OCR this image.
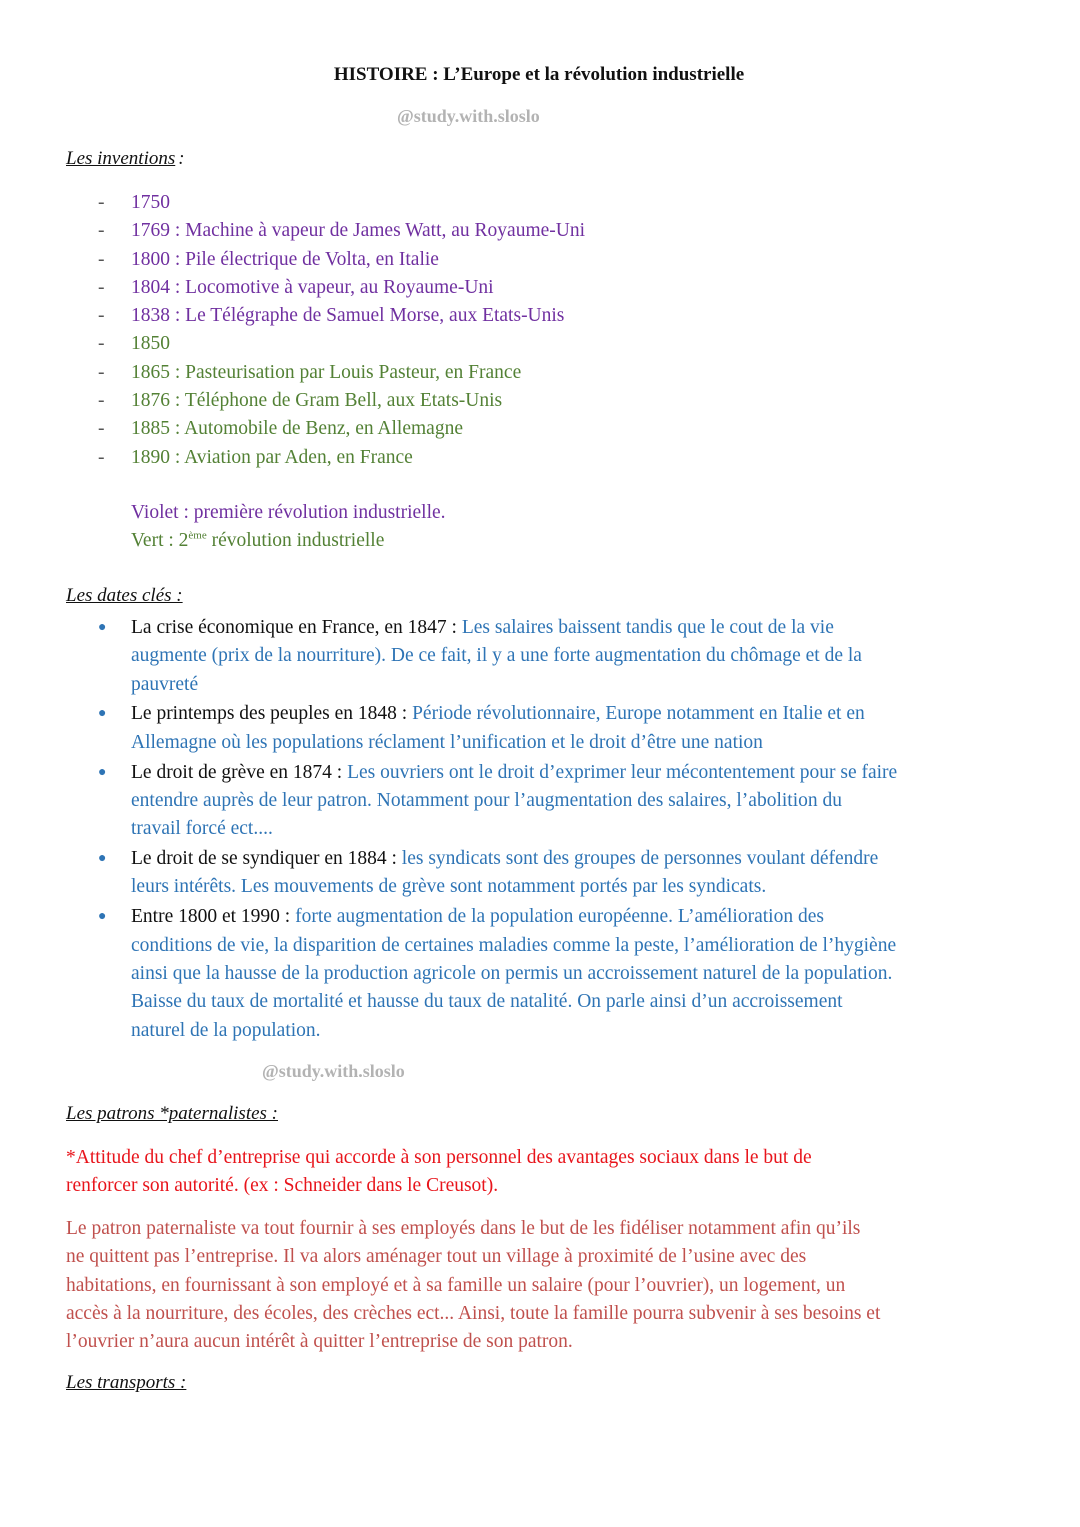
HISTOIRE : L’Europe et la révolution industrielle
@study.with.sloslo
Les inventions :
-	1750
-	1769 : Machine à vapeur de James Watt, au Royaume-Uni
-	1800 : Pile électrique de Volta, en Italie
-	1804 : Locomotive à vapeur, au Royaume-Uni
-	1838 : Le Télégraphe de Samuel Morse, aux Etats-Unis
-	1850
-	1865 : Pasteurisation par Louis Pasteur, en France
-	1876 : Téléphone de Gram Bell, aux Etats-Unis
-	1885 : Automobile de Benz, en Allemagne
-	1890 : Aviation par Aden, en France
Violet : première révolution industrielle.
Vert : 2ème révolution industrielle
Les dates clés :
●	La crise économique en France, en 1847 : Les salaires baissent tandis que le cout de la vie
augmente (prix de la nourriture). De ce fait, il y a une forte augmentation du chômage et de la
pauvreté
●	Le printemps des peuples en 1848 : Période révolutionnaire, Europe notamment en Italie et en
Allemagne où les populations réclament l’unification et le droit d’être une nation
●	Le droit de grève en 1874 : Les ouvriers ont le droit d’exprimer leur mécontentement pour se faire
entendre auprès de leur patron. Notamment pour l’augmentation des salaires, l’abolition du
travail forcé ect....
●	Le droit de se syndiquer en 1884 : les syndicats sont des groupes de personnes voulant défendre
leurs intérêts. Les mouvements de grève sont notamment portés par les syndicats.
●	Entre 1800 et 1990 : forte augmentation de la population européenne. L’amélioration des
conditions de vie, la disparition de certaines maladies comme la peste, l’amélioration de l’hygiène
ainsi que la hausse de la production agricole on permis un accroissement naturel de la population.
Baisse du taux de mortalité et hausse du taux de natalité. On parle ainsi d’un accroissement
naturel de la population.
@study.with.sloslo
Les patrons *paternalistes :
*Attitude du chef d’entreprise qui accorde à son personnel des avantages sociaux dans le but de
renforcer son autorité. (ex : Schneider dans le Creusot).
Le patron paternaliste va tout fournir à ses employés dans le but de les fidéliser notamment afin qu’ils
ne quittent pas l’entreprise. Il va alors aménager tout un village à proximité de l’usine avec des
habitations, en fournissant à son employé et à sa famille un salaire (pour l’ouvrier), un logement, un
accès à la nourriture, des écoles, des crèches ect... Ainsi, toute la famille pourra subvenir à ses besoins et
l’ouvrier n’aura aucun intérêt à quitter l’entreprise de son patron.
Les transports :
